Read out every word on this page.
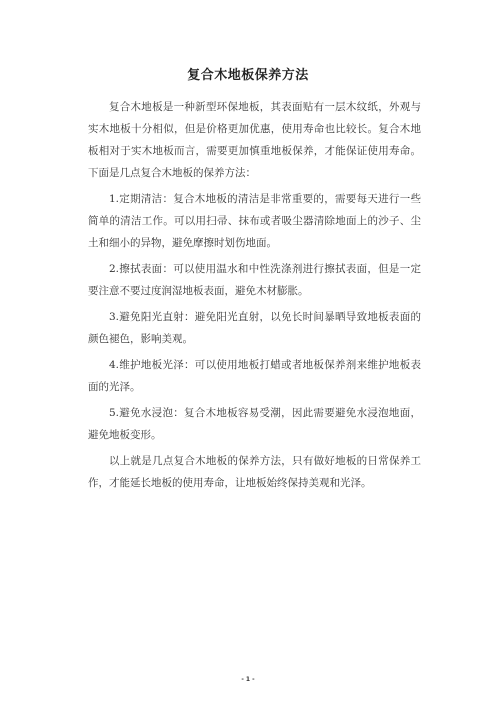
复合木地板保养方法

复合木地板是一种新型环保地板，其表面贴有一层木纹纸，外观与实木地板十分相似，但是价格更加优惠，使用寿命也比较长。复合木地板相对于实木地板而言，需要更加慎重地板保养，才能保证使用寿命。下面是几点复合木地板的保养方法：

1.定期清洁：复合木地板的清洁是非常重要的，需要每天进行一些简单的清洁工作。可以用扫帚、抹布或者吸尘器清除地面上的沙子、尘土和细小的异物，避免摩擦时划伤地面。

2.擦拭表面：可以使用温水和中性洗涤剂进行擦拭表面，但是一定要注意不要过度润湿地板表面，避免木材膨胀。

3.避免阳光直射：避免阳光直射，以免长时间暴晒导致地板表面的颜色褪色，影响美观。

4.维护地板光泽：可以使用地板打蜡或者地板保养剂来维护地板表面的光泽。

5.避免水浸泡：复合木地板容易受潮，因此需要避免水浸泡地面，避免地板变形。

以上就是几点复合木地板的保养方法，只有做好地板的日常保养工作，才能延长地板的使用寿命，让地板始终保持美观和光泽。

- 1 -
